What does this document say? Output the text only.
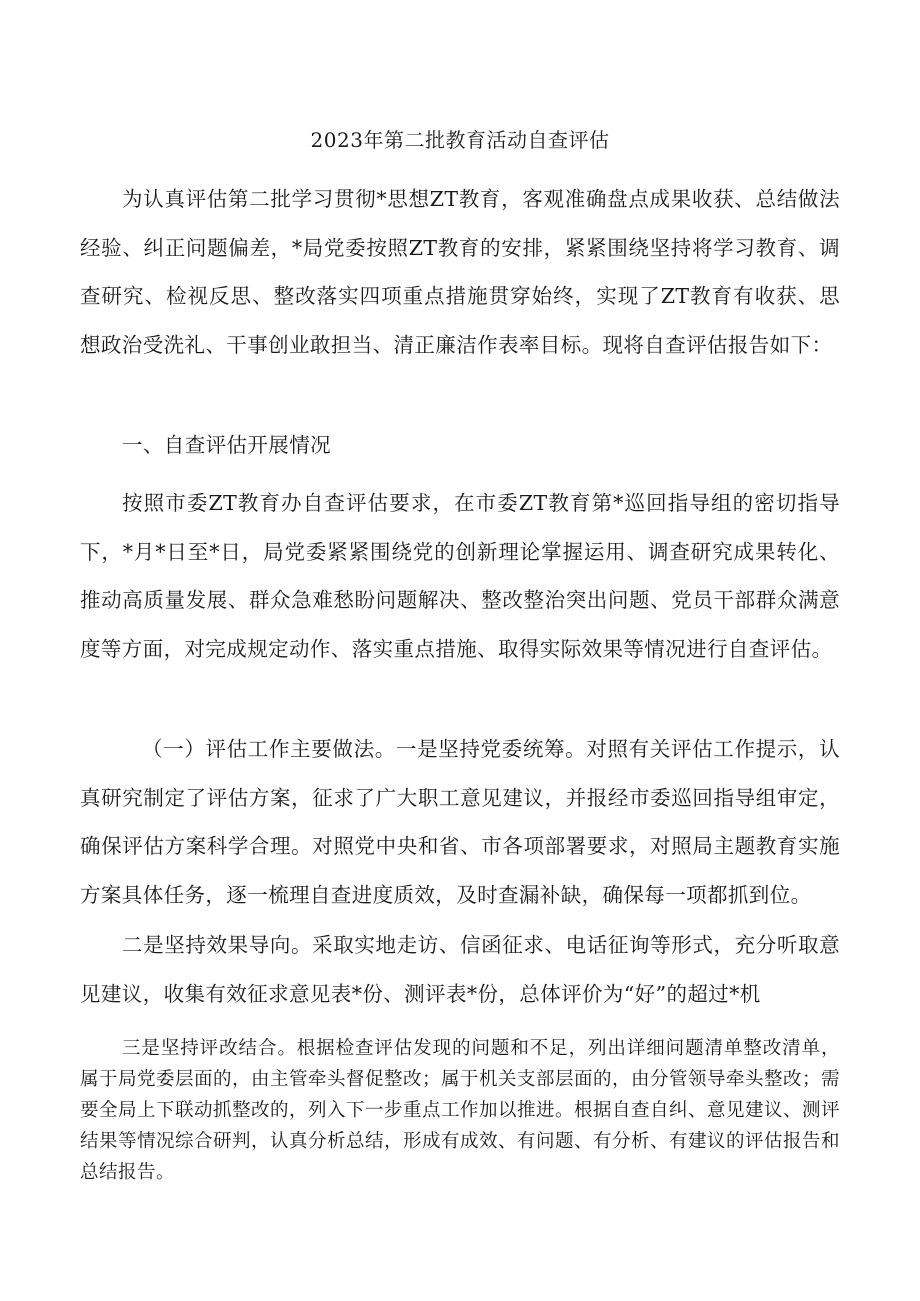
2023年第二批教育活动自查评估

为认真评估第二批学习贯彻*思想ZT教育，客观准确盘点成果收获、总结做法经验、纠正问题偏差，*局党委按照ZT教育的安排，紧紧围绕坚持将学习教育、调查研究、检视反思、整改落实四项重点措施贯穿始终，实现了ZT教育有收获、思想政治受洗礼、干事创业敢担当、清正廉洁作表率目标。现将自查评估报告如下：

一、自查评估开展情况

按照市委ZT教育办自查评估要求，在市委ZT教育第*巡回指导组的密切指导下，*月*日至*日，局党委紧紧围绕党的创新理论掌握运用、调查研究成果转化、推动高质量发展、群众急难愁盼问题解决、整改整治突出问题、党员干部群众满意度等方面，对完成规定动作、落实重点措施、取得实际效果等情况进行自查评估。

（一）评估工作主要做法。一是坚持党委统筹。对照有关评估工作提示，认真研究制定了评估方案，征求了广大职工意见建议，并报经市委巡回指导组审定，确保评估方案科学合理。对照党中央和省、市各项部署要求，对照局主题教育实施方案具体任务，逐一梳理自查进度质效，及时查漏补缺，确保每一项都抓到位。

二是坚持效果导向。采取实地走访、信函征求、电话征询等形式，充分听取意见建议，收集有效征求意见表*份、测评表*份，总体评价为“好”的超过*机

三是坚持评改结合。根据检查评估发现的问题和不足，列出详细问题清单整改清单，属于局党委层面的，由主管牵头督促整改；属于机关支部层面的，由分管领导牵头整改；需要全局上下联动抓整改的，列入下一步重点工作加以推进。根据自查自纠、意见建议、测评结果等情况综合研判，认真分析总结，形成有成效、有问题、有分析、有建议的评估报告和总结报告。
